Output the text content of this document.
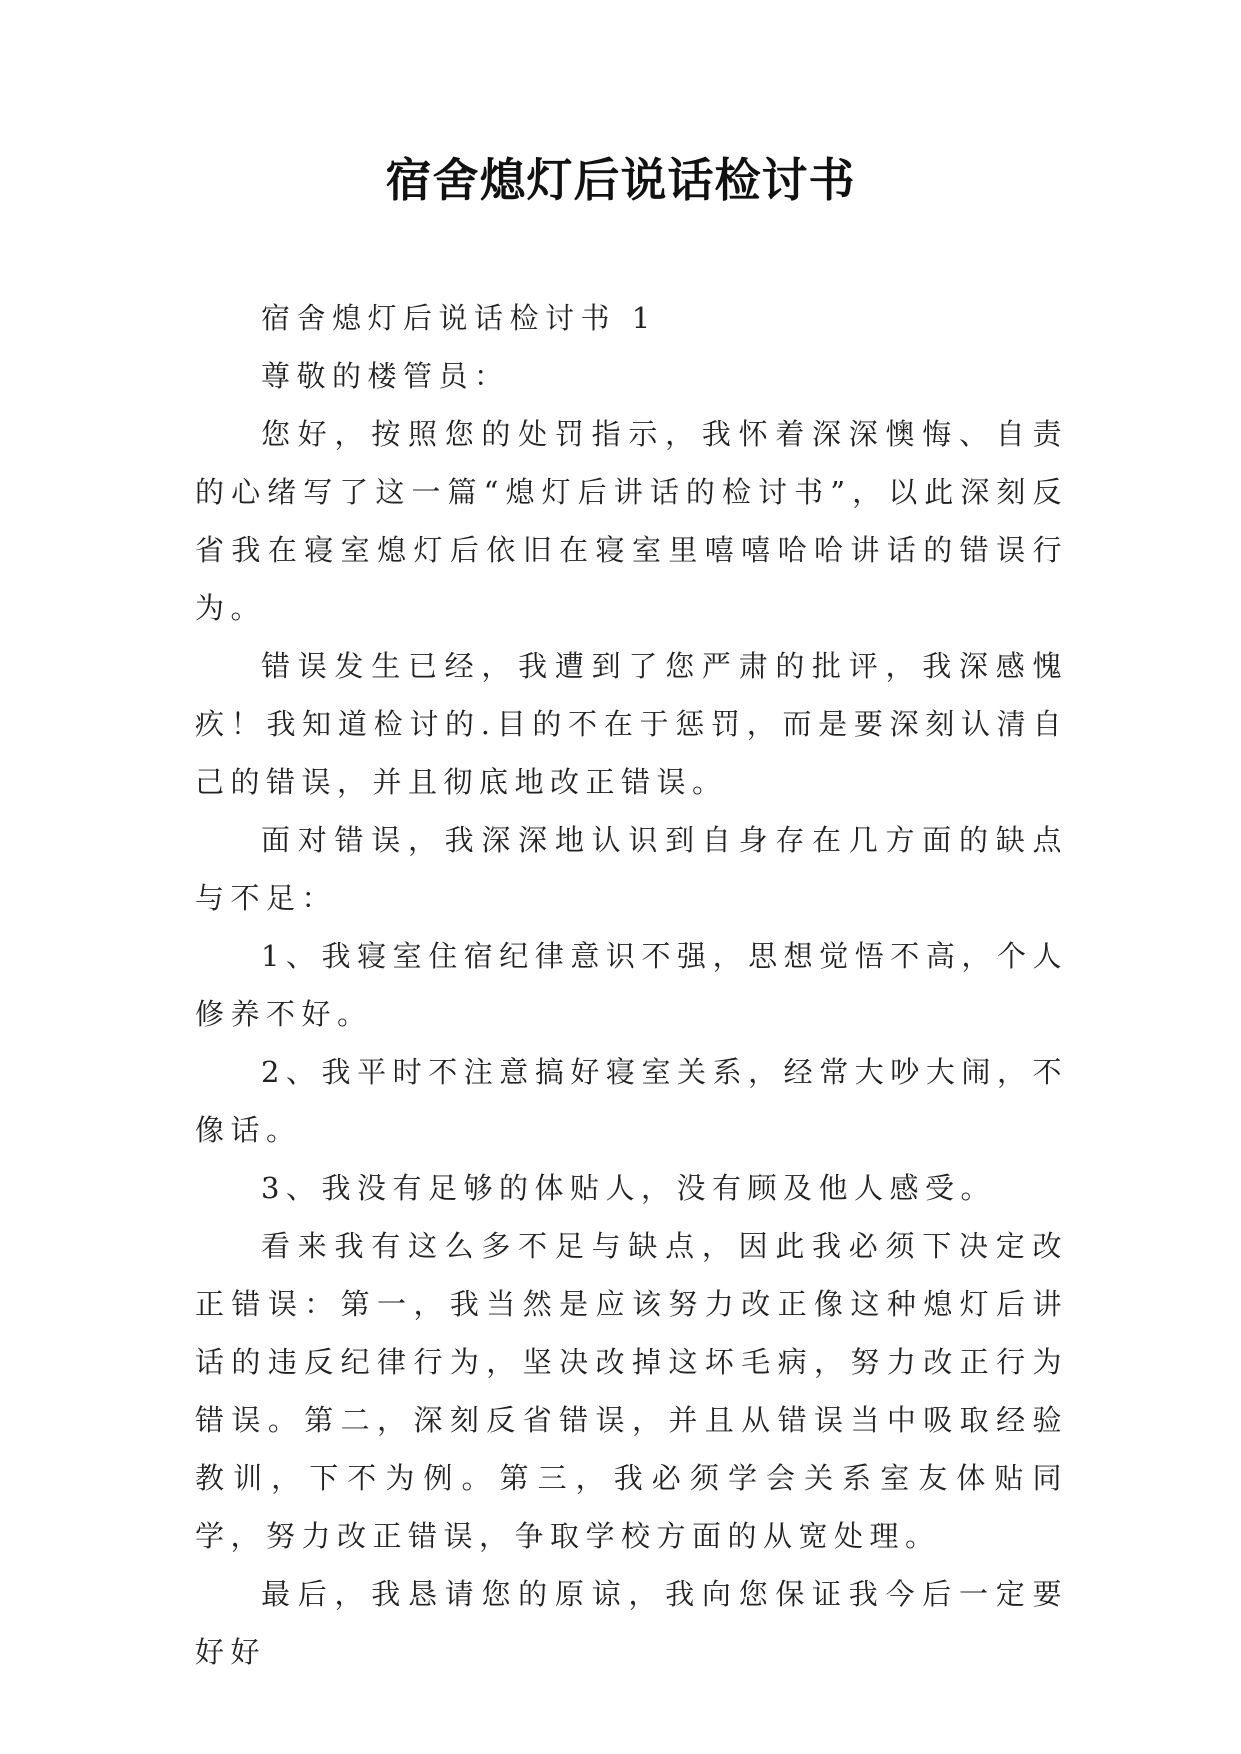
宿舍熄灯后说话检讨书

宿舍熄灯后说话检讨书 1

尊敬的楼管员：

您好，按照您的处罚指示，我怀着深深懊悔、自责的心绪写了这一篇“熄灯后讲话的检讨书”，以此深刻反省我在寝室熄灯后依旧在寝室里嘻嘻哈哈讲话的错误行为。

错误发生已经，我遭到了您严肃的批评，我深感愧疚！我知道检讨的.目的不在于惩罚，而是要深刻认清自己的错误，并且彻底地改正错误。

面对错误，我深深地认识到自身存在几方面的缺点与不足：

1、我寝室住宿纪律意识不强，思想觉悟不高，个人修养不好。

2、我平时不注意搞好寝室关系，经常大吵大闹，不像话。

3、我没有足够的体贴人，没有顾及他人感受。

看来我有这么多不足与缺点，因此我必须下决定改正错误：第一，我当然是应该努力改正像这种熄灯后讲话的违反纪律行为，坚决改掉这坏毛病，努力改正行为错误。第二，深刻反省错误，并且从错误当中吸取经验教训，下不为例。第三，我必须学会关系室友体贴同学，努力改正错误，争取学校方面的从宽处理。

最后，我恳请您的原谅，我向您保证我今后一定要好好
